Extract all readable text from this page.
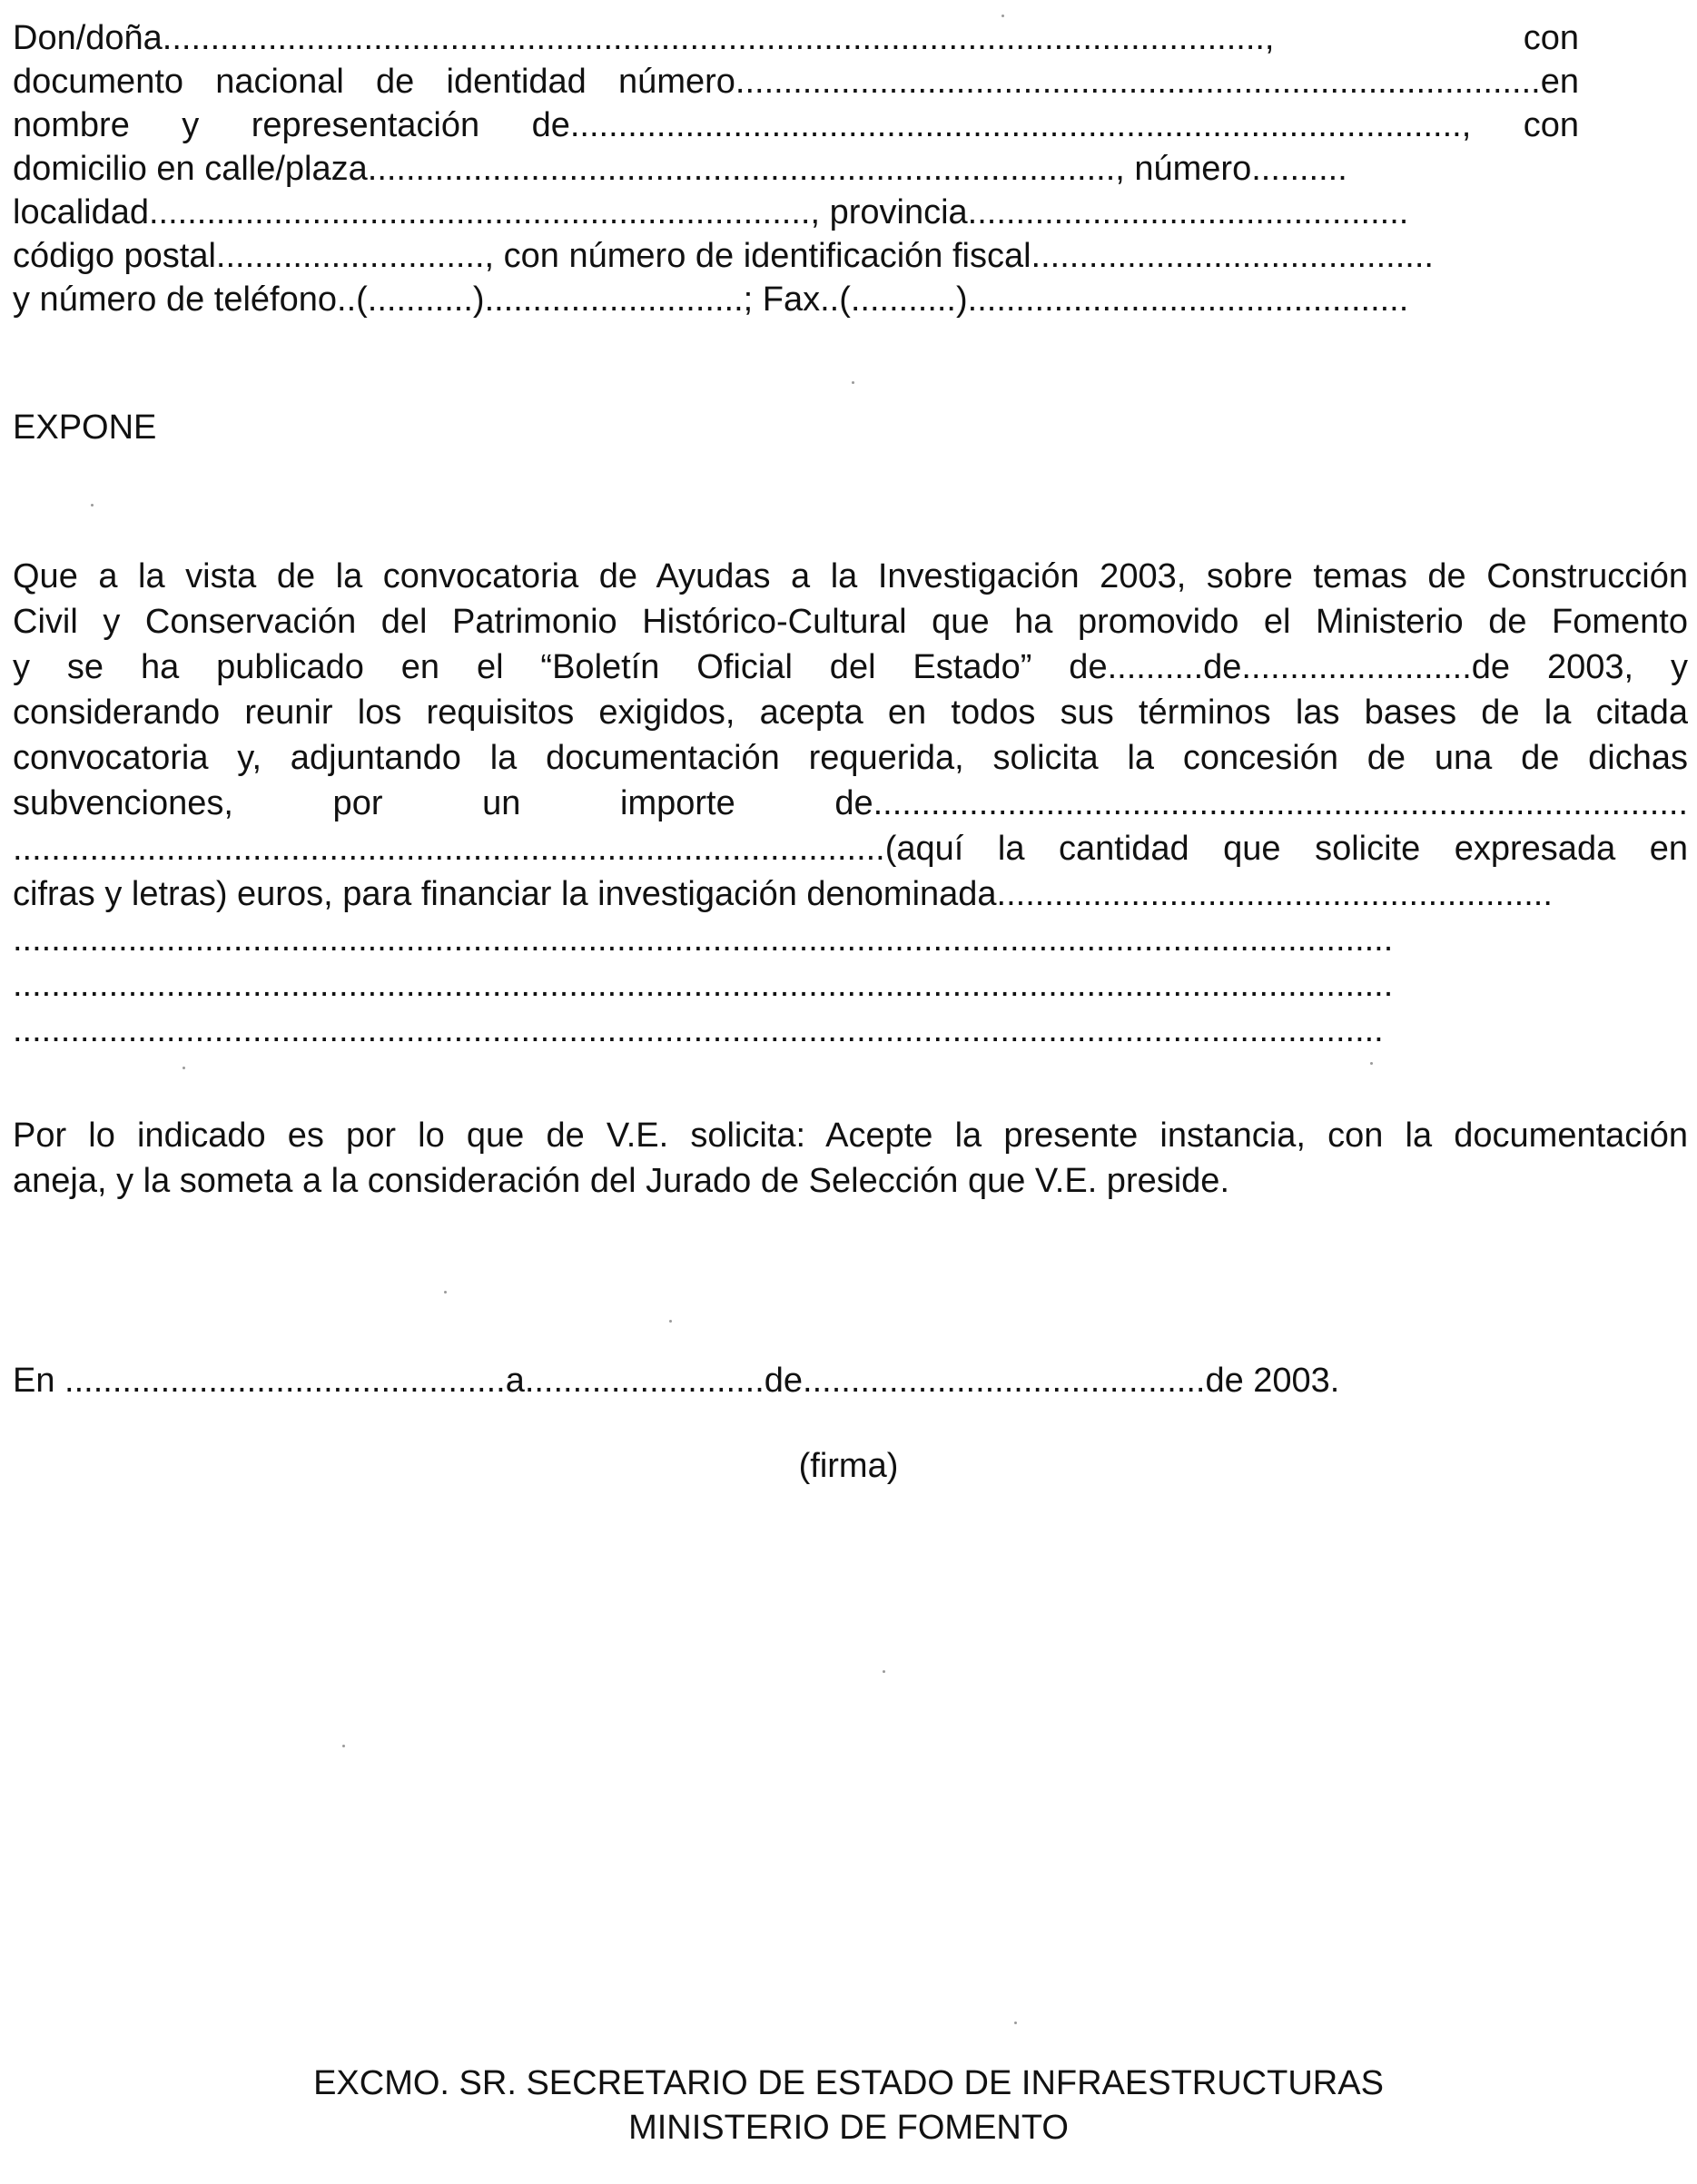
Don/doña..................................................................................................................., con
documento nacional de identidad número....................................................................................en
nombre y representación de............................................................................................., con
domicilio en calle/plaza.............................................................................., número..........
localidad....................................................................., provincia..............................................
código postal............................, con número de identificación fiscal..........................................
y número de teléfono..(...........)...........................; Fax..(...........)..............................................
EXPONE
Que a la vista de la convocatoria de Ayudas a la Investigación 2003, sobre temas de Construcción
Civil y Conservación del Patrimonio Histórico-Cultural que ha promovido el Ministerio de Fomento
y se ha publicado en el “Boletín Oficial del Estado” de..........de........................de 2003, y
considerando reunir los requisitos exigidos, acepta en todos sus términos las bases de la citada
convocatoria y, adjuntando la documentación requerida, solicita la concesión de una de dichas
subvenciones, por un importe de.....................................................................................
...........................................................................................(aquí la cantidad que solicite expresada en
cifras y letras) euros, para financiar la investigación denominada..........................................................
................................................................................................................................................
................................................................................................................................................
...............................................................................................................................................
Por lo indicado es por lo que de V.E. solicita: Acepte la presente instancia, con la documentación
aneja, y la someta a la consideración del Jurado de Selección que V.E. preside.
En ..............................................a.........................de..........................................de 2003.
(firma)
EXCMO. SR. SECRETARIO DE ESTADO DE INFRAESTRUCTURAS
MINISTERIO DE FOMENTO
